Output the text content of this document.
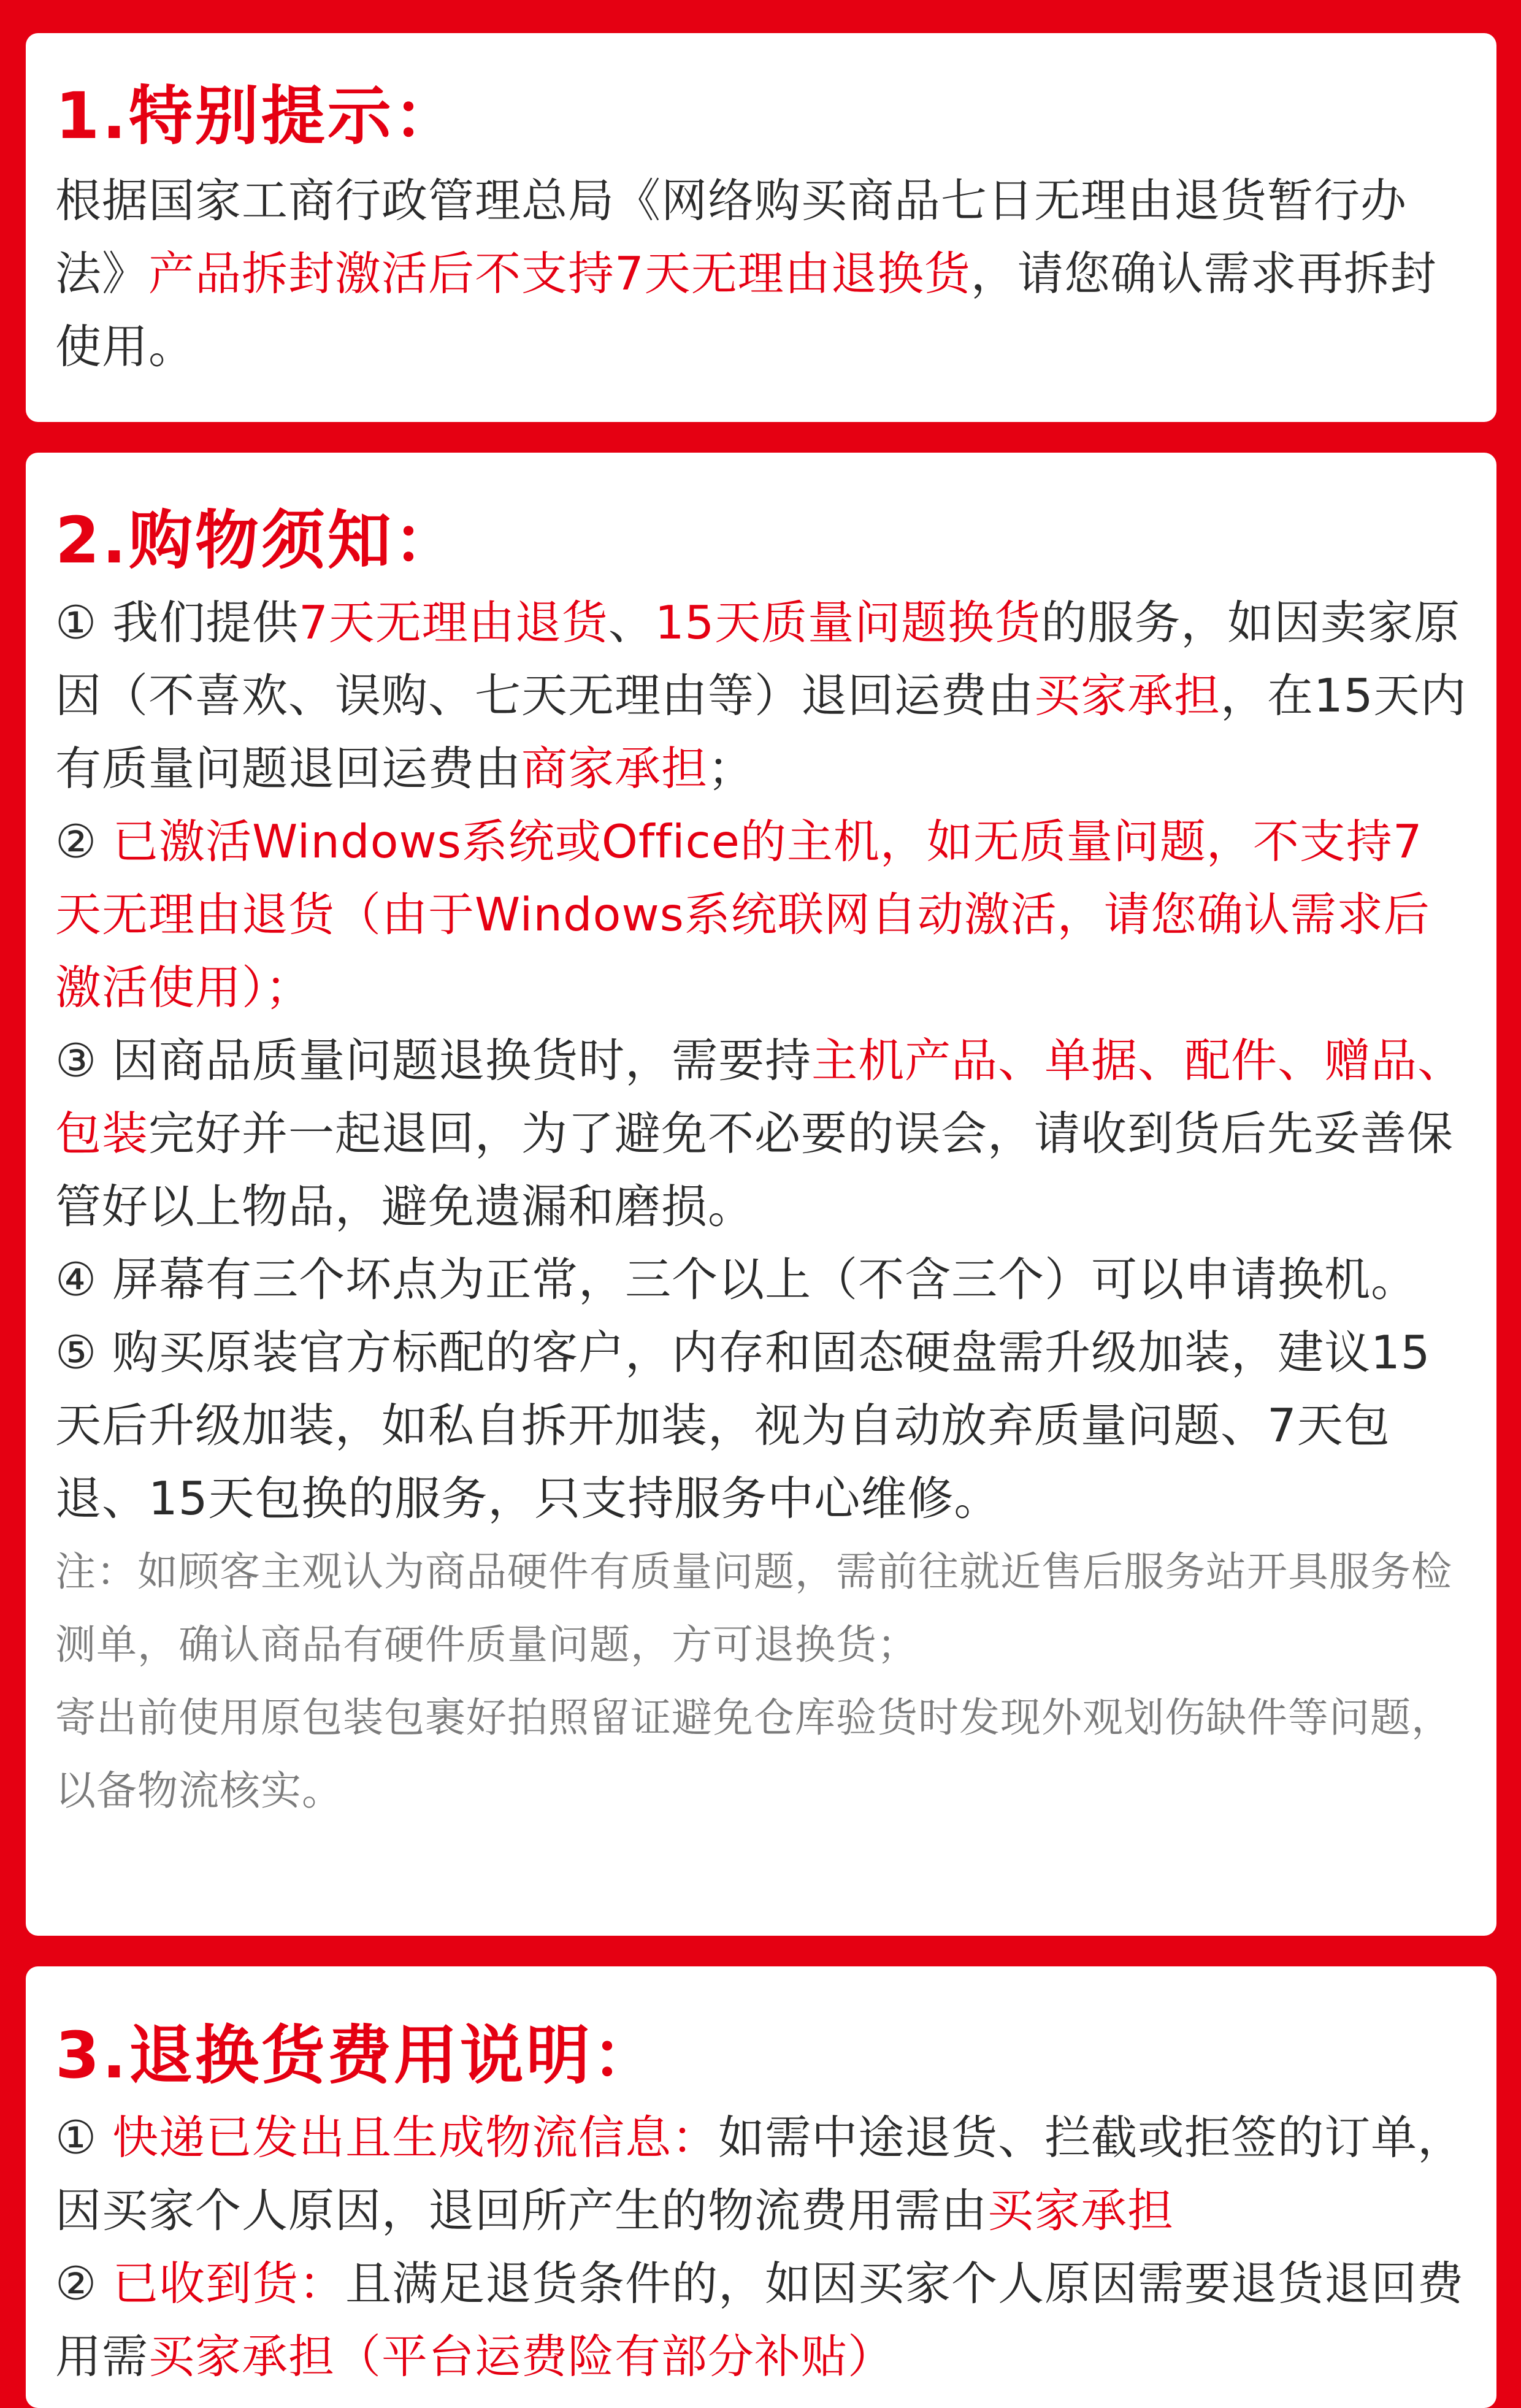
1.特别提示：

根据国家工商行政管理总局《网络购买商品七日无理由退货暂行办法》产品拆封激活后不支持7天无理由退换货，请您确认需求再拆封使用。

2.购物须知：

① 我们提供7天无理由退货、15天质量问题换货的服务，如因卖家原因（不喜欢、误购、七天无理由等）退回运费由买家承担，在15天内有质量问题退回运费由商家承担；

② 已激活Windows系统或Office的主机，如无质量问题，不支持7天无理由退货（由于Windows系统联网自动激活，请您确认需求后激活使用）；

③ 因商品质量问题退换货时，需要持主机产品、单据、配件、赠品、包装完好并一起退回，为了避免不必要的误会，请收到货后先妥善保管好以上物品，避免遗漏和磨损。

④ 屏幕有三个坏点为正常，三个以上（不含三个）可以申请换机。

⑤ 购买原装官方标配的客户，内存和固态硬盘需升级加装，建议15天后升级加装，如私自拆开加装，视为自动放弃质量问题、7天包退、15天包换的服务，只支持服务中心维修。

注：如顾客主观认为商品硬件有质量问题，需前往就近售后服务站开具服务检测单，确认商品有硬件质量问题，方可退换货；

寄出前使用原包装包裹好拍照留证避免仓库验货时发现外观划伤缺件等问题，以备物流核实。

3.退换货费用说明：

① 快递已发出且生成物流信息：如需中途退货、拦截或拒签的订单，因买家个人原因，退回所产生的物流费用需由买家承担

② 已收到货：且满足退货条件的，如因买家个人原因需要退货退回费用需买家承担（平台运费险有部分补贴）
